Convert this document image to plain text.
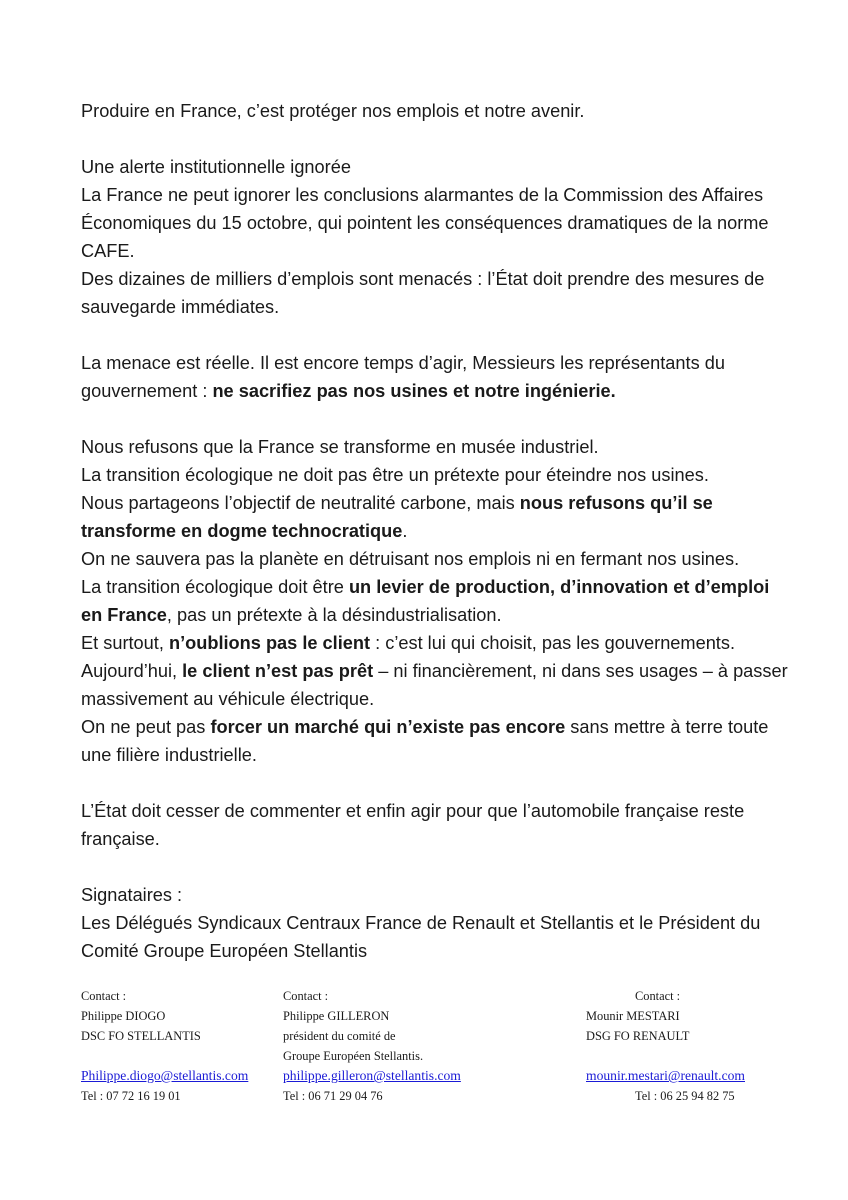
Produire en France, c’est protéger nos emplois et notre avenir.
Une alerte institutionnelle ignorée
La France ne peut ignorer les conclusions alarmantes de la Commission des Affaires
Économiques du 15 octobre, qui pointent les conséquences dramatiques de la norme
CAFE.
Des dizaines de milliers d’emplois sont menacés : l’État doit prendre des mesures de
sauvegarde immédiates.
La menace est réelle. Il est encore temps d’agir, Messieurs les représentants du
gouvernement : ne sacrifiez pas nos usines et notre ingénierie.
Nous refusons que la France se transforme en musée industriel.
La transition écologique ne doit pas être un prétexte pour éteindre nos usines.
Nous partageons l’objectif de neutralité carbone, mais nous refusons qu’il se
transforme en dogme technocratique.
On ne sauvera pas la planète en détruisant nos emplois ni en fermant nos usines.
La transition écologique doit être un levier de production, d’innovation et d’emploi
en France, pas un prétexte à la désindustrialisation.
Et surtout, n’oublions pas le client : c’est lui qui choisit, pas les gouvernements.
Aujourd’hui, le client n’est pas prêt – ni financièrement, ni dans ses usages – à passer
massivement au véhicule électrique.
On ne peut pas forcer un marché qui n’existe pas encore sans mettre à terre toute
une filière industrielle.
L’État doit cesser de commenter et enfin agir pour que l’automobile française reste
française.
Signataires :
Les Délégués Syndicaux Centraux France de Renault et Stellantis et le Président du
Comité Groupe Européen Stellantis
Contact :
Philippe DIOGO
DSC FO STELLANTIS
Philippe.diogo@stellantis.com
Tel : 07 72 16 19 01
Contact :
Philippe GILLERON
président du comité de
Groupe Européen Stellantis.
philippe.gilleron@stellantis.com
Tel : 06 71 29 04 76
Contact :
Mounir MESTARI
DSG FO RENAULT
mounir.mestari@renault.com
Tel : 06 25 94 82 75
